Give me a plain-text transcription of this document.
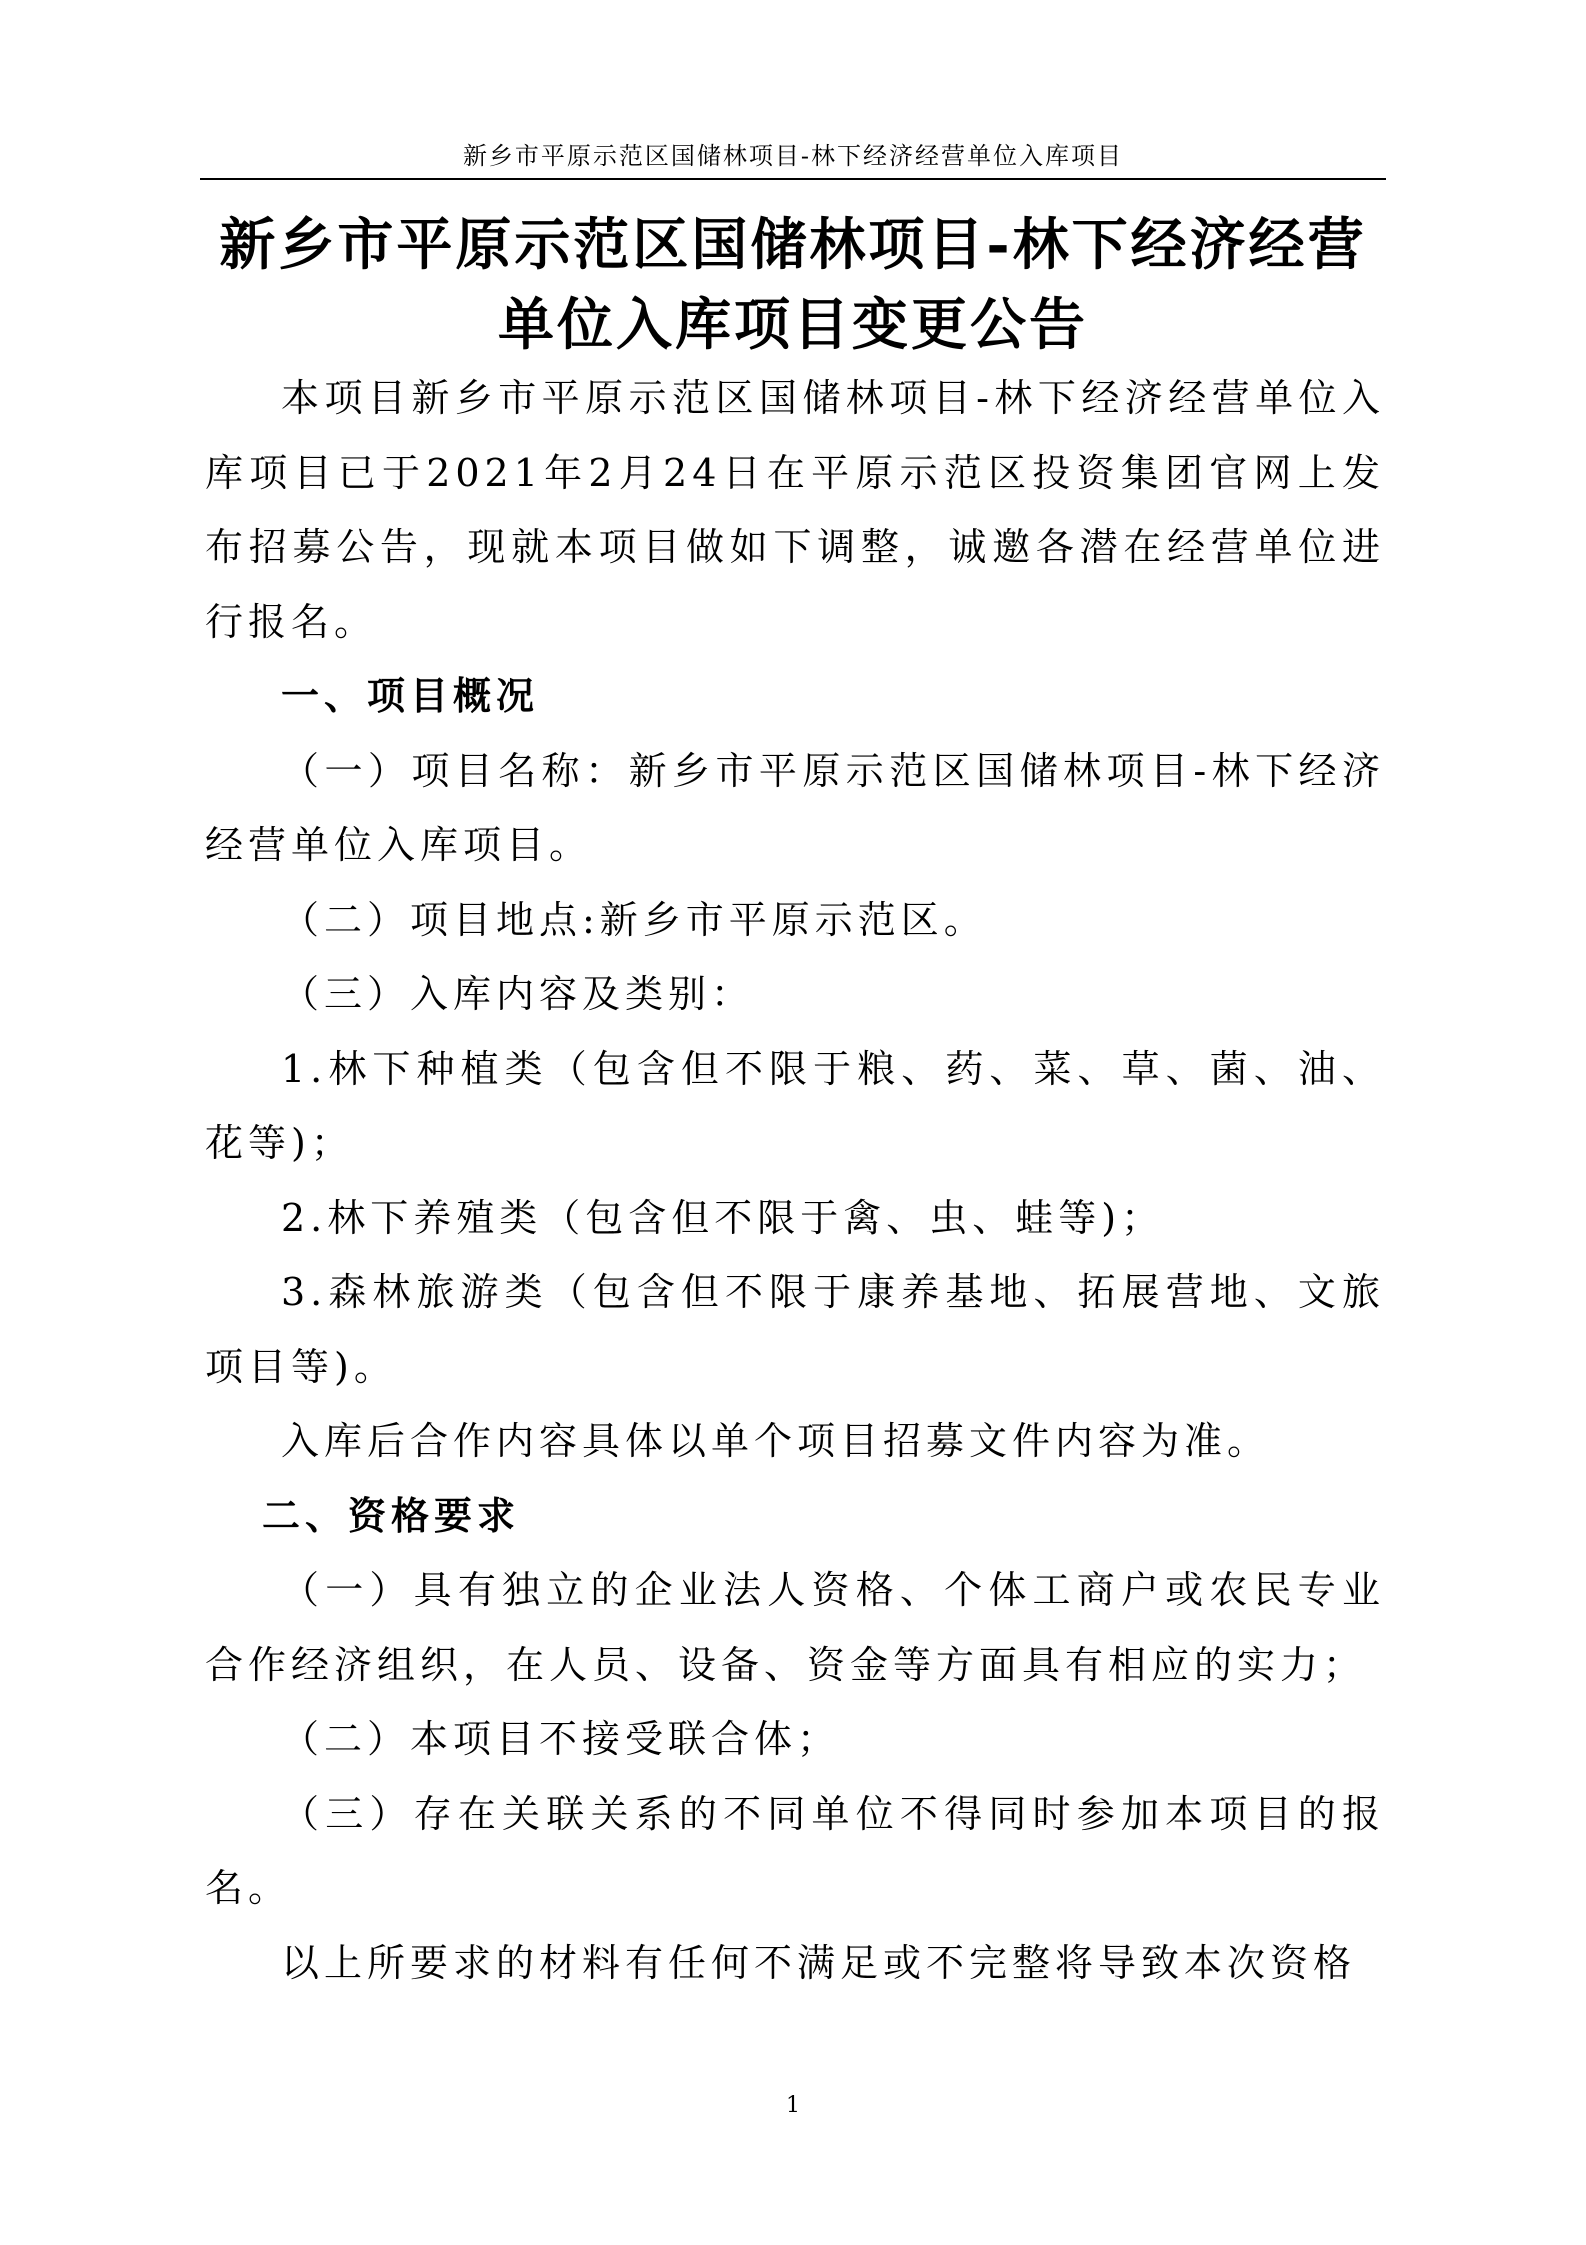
新乡市平原示范区国储林项目-林下经济经营单位入库项目
新乡市平原示范区国储林项目-林下经济经营
单位入库项目变更公告

本项目新乡市平原示范区国储林项目-林下经济经营单位入库项目已于2021年2月24日在平原示范区投资集团官网上发布招募公告，现就本项目做如下调整，诚邀各潜在经营单位进行报名。

一、项目概况

（一）项目名称：新乡市平原示范区国储林项目-林下经济经营单位入库项目。

（二）项目地点:新乡市平原示范区。

（三）入库内容及类别：

1.林下种植类（包含但不限于粮、药、菜、草、菌、油、花等)；

2.林下养殖类（包含但不限于禽、虫、蛙等)；

3.森林旅游类（包含但不限于康养基地、拓展营地、文旅项目等)。

入库后合作内容具体以单个项目招募文件内容为准。

二、资格要求

（一）具有独立的企业法人资格、个体工商户或农民专业合作经济组织，在人员、设备、资金等方面具有相应的实力；

（二）本项目不接受联合体；

（三）存在关联关系的不同单位不得同时参加本项目的报名。

以上所要求的材料有任何不满足或不完整将导致本次资格

1
